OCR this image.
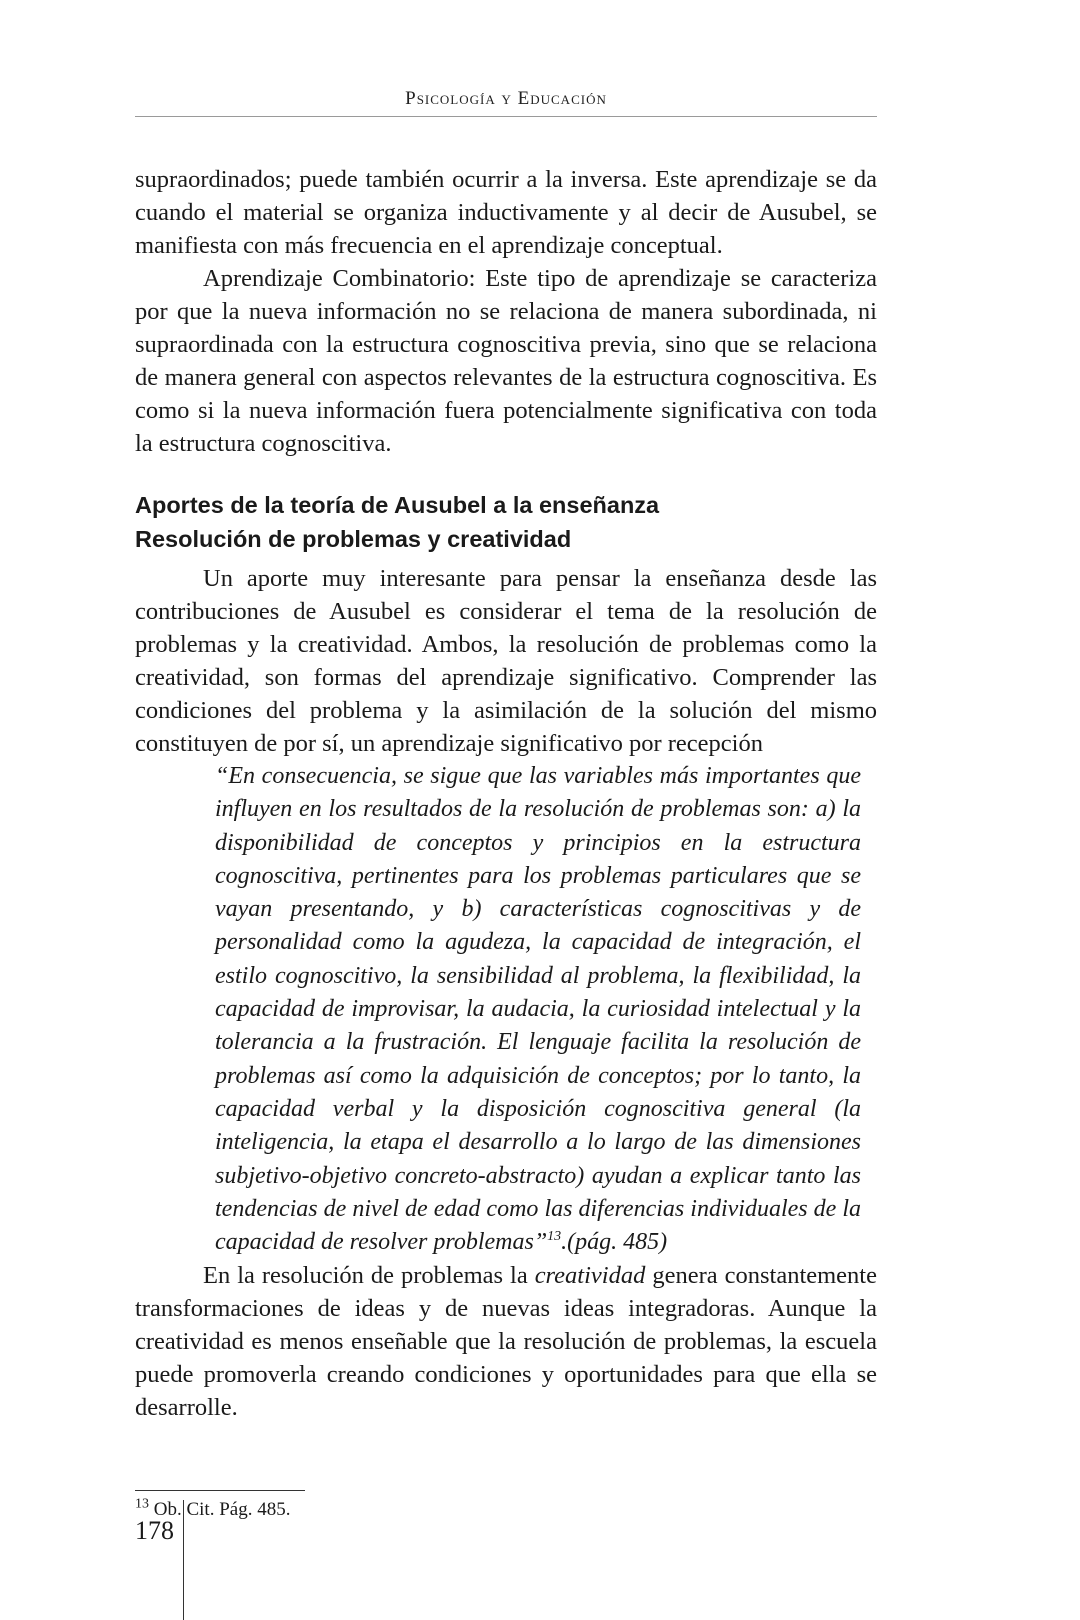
Psicología y Educación

supraordinados; puede también ocurrir a la inversa. Este aprendizaje se da cuando el material se organiza inductivamente y al decir de Ausubel, se manifiesta con más frecuencia en el aprendizaje conceptual.

Aprendizaje Combinatorio: Este tipo de aprendizaje se caracteriza por que la nueva información no se relaciona de manera subordinada, ni supraordinada con la estructura cognoscitiva previa, sino que se relaciona de manera general con aspectos relevantes de la estructura cognoscitiva. Es como si la nueva información fuera potencialmente significativa con toda la estructura cognoscitiva.

Aportes de la teoría de Ausubel a la enseñanza
Resolución de problemas y creatividad

Un aporte muy interesante para pensar la enseñanza desde las contribuciones de Ausubel es considerar el tema de la resolución de problemas y la creatividad. Ambos, la resolución de problemas como la creatividad, son formas del aprendizaje significativo. Comprender las condiciones del problema y la asimilación de la solución del mismo constituyen de por sí, un aprendizaje significativo por recepción

“En consecuencia, se sigue que las variables más importantes que influyen en los resultados de la resolución de problemas son: a) la disponibilidad de conceptos y principios en la estructura cognoscitiva, pertinentes para los problemas particulares que se vayan presentando, y b) características cognoscitivas y de personalidad como la agudeza, la capacidad de integración, el estilo cognoscitivo, la sensibilidad al problema, la flexibilidad, la capacidad de improvisar, la audacia, la curiosidad intelectual y la tolerancia a la frustración. El lenguaje facilita la resolución de problemas así como la adquisición de conceptos; por lo tanto, la capacidad verbal y la disposición cognoscitiva general (la inteligencia, la etapa el desarrollo a lo largo de las dimensiones subjetivo-objetivo concreto-abstracto) ayudan a explicar tanto las tendencias de nivel de edad como las diferencias individuales de la capacidad de resolver problemas”$^{13}$.(pág. 485)

En la resolución de problemas la creatividad genera constantemente transformaciones de ideas y de nuevas ideas integradoras. Aunque la creatividad es menos enseñable que la resolución de problemas, la escuela puede promoverla creando condiciones y oportunidades para que ella se desarrolle.

$^{13}$ Ob. Cit. Pág. 485.
178
